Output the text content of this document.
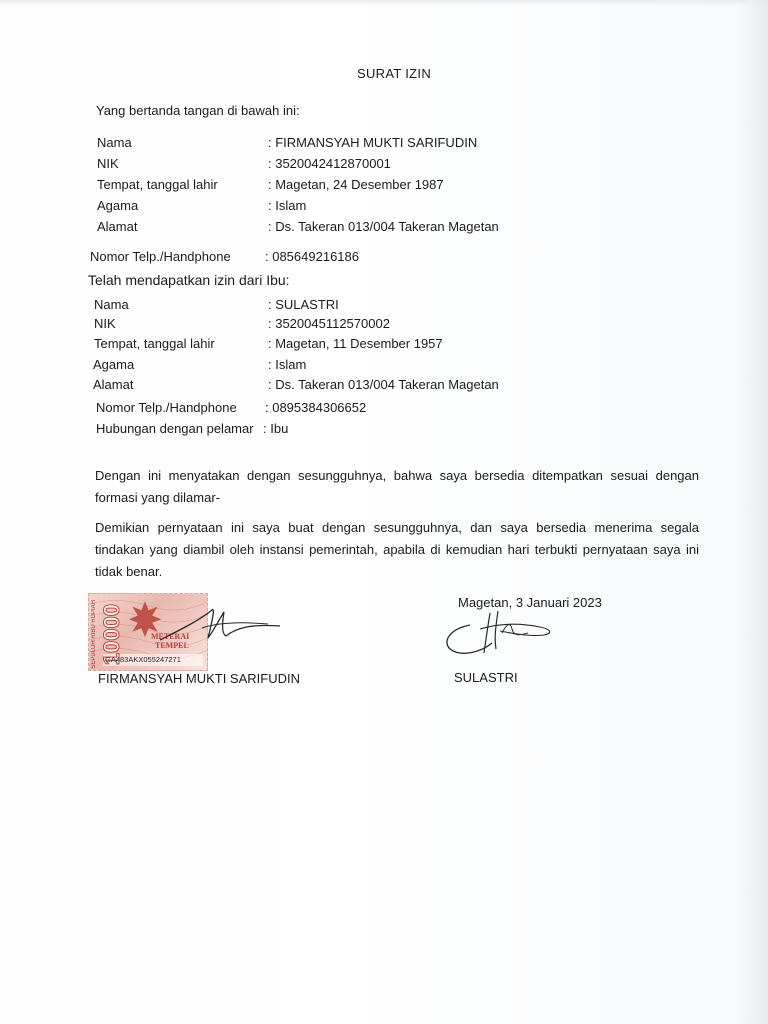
SURAT IZIN
Yang bertanda tangan di bawah ini:
Nama	: FIRMANSYAH MUKTI SARIFUDIN
NIK	: 3520042412870001
Tempat, tanggal lahir	: Magetan, 24 Desember 1987
Agama	: Islam
Alamat	: Ds. Takeran 013/004 Takeran Magetan
Nomor Telp./Handphone	: 085649216186
Telah mendapatkan izin dari Ibu:
Nama	: SULASTRI
NIK	: 3520045112570002
Tempat, tanggal lahir	: Magetan, 11 Desember 1957
Agama	: Islam
Alamat	: Ds. Takeran 013/004 Takeran Magetan
Nomor Telp./Handphone : 0895384306652
Hubungan dengan pelamar : Ibu
Dengan ini menyatakan dengan sesungguhnya, bahwa saya bersedia ditempatkan sesuai dengan formasi yang dilamar-
Demikian pernyataan ini saya buat dengan sesungguhnya, dan saya bersedia menerima segala tindakan yang diambil oleh instansi pemerintah, apabila di kemudian hari terbukti pernyataan saya ini tidak benar.
Magetan, 3 Januari 2023
SEPULUH RIBU RUPIAH 10000	METERAI
TEMPEL
GA483AKX055247271
FIRMANSYAH MUKTI SARIFUDIN	SULASTRI
